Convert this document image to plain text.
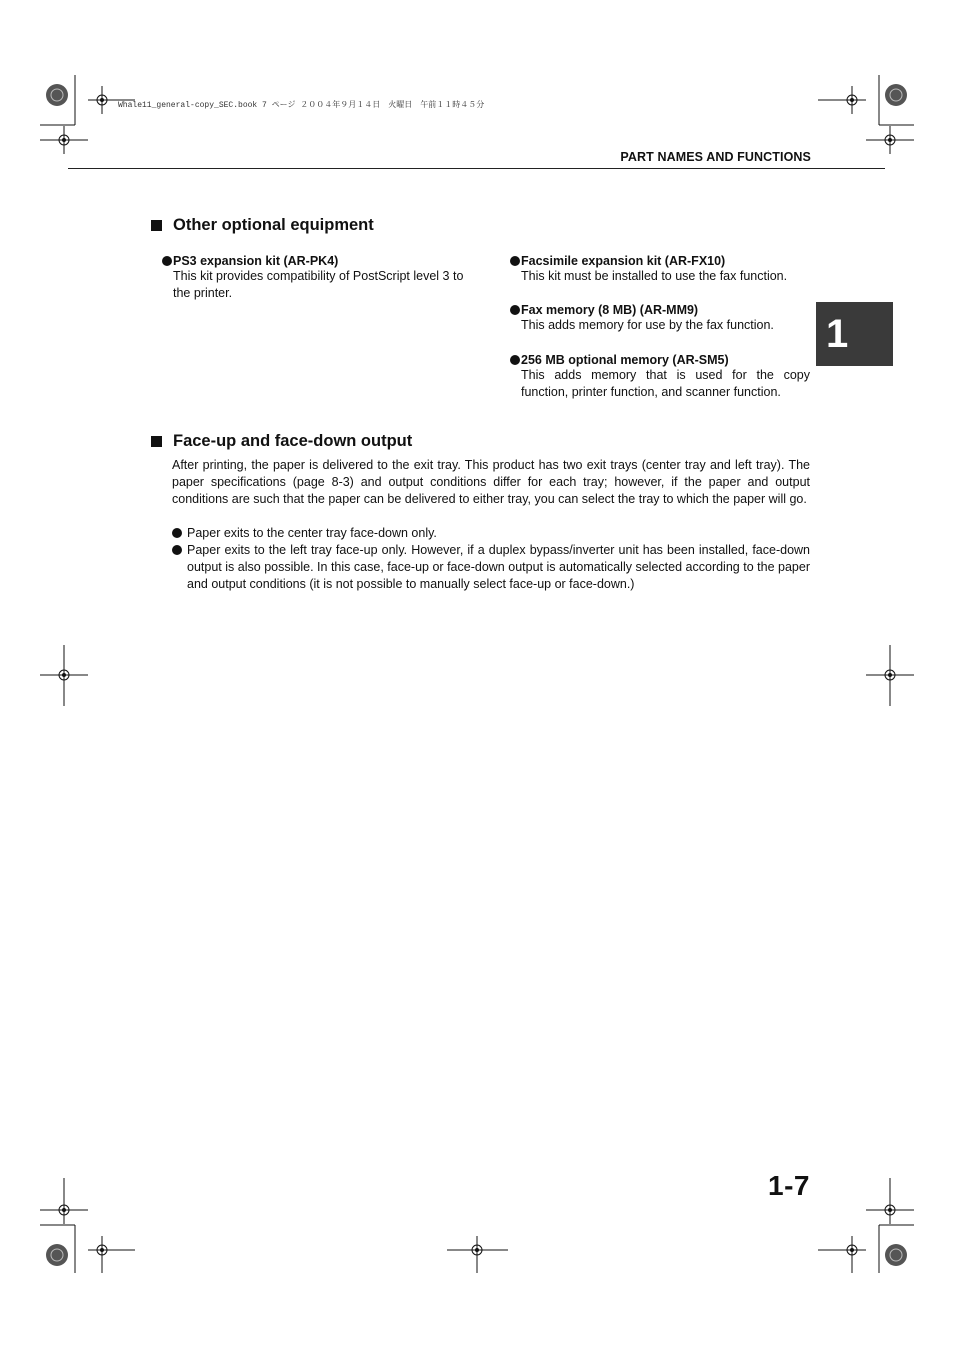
Whale11_general-copy_SEC.book 7 ページ ２００４年９月１４日　火曜日　午前１１時４５分
PART NAMES AND FUNCTIONS
1
Other optional equipment
PS3 expansion kit (AR-PK4)
This kit provides compatibility of PostScript level 3 to the printer.
Facsimile expansion kit (AR-FX10)
This kit must be installed to use the fax function.
Fax memory (8 MB) (AR-MM9)
This adds memory for use by the fax function.
256 MB optional memory (AR-SM5)
This adds memory that is used for the copy function, printer function, and scanner function.
Face-up and face-down output
After printing, the paper is delivered to the exit tray. This product has two exit trays (center tray and left tray). The paper specifications (page 8-3) and output conditions differ for each tray; however, if the paper and output conditions are such that the paper can be delivered to either tray, you can select the tray to which the paper will go.
Paper exits to the center tray face-down only.
Paper exits to the left tray face-up only. However, if a duplex bypass/inverter unit has been installed, face-down output is also possible. In this case, face-up or face-down output is automatically selected according to the paper and output conditions (it is not possible to manually select face-up or face-down.)
1-7
